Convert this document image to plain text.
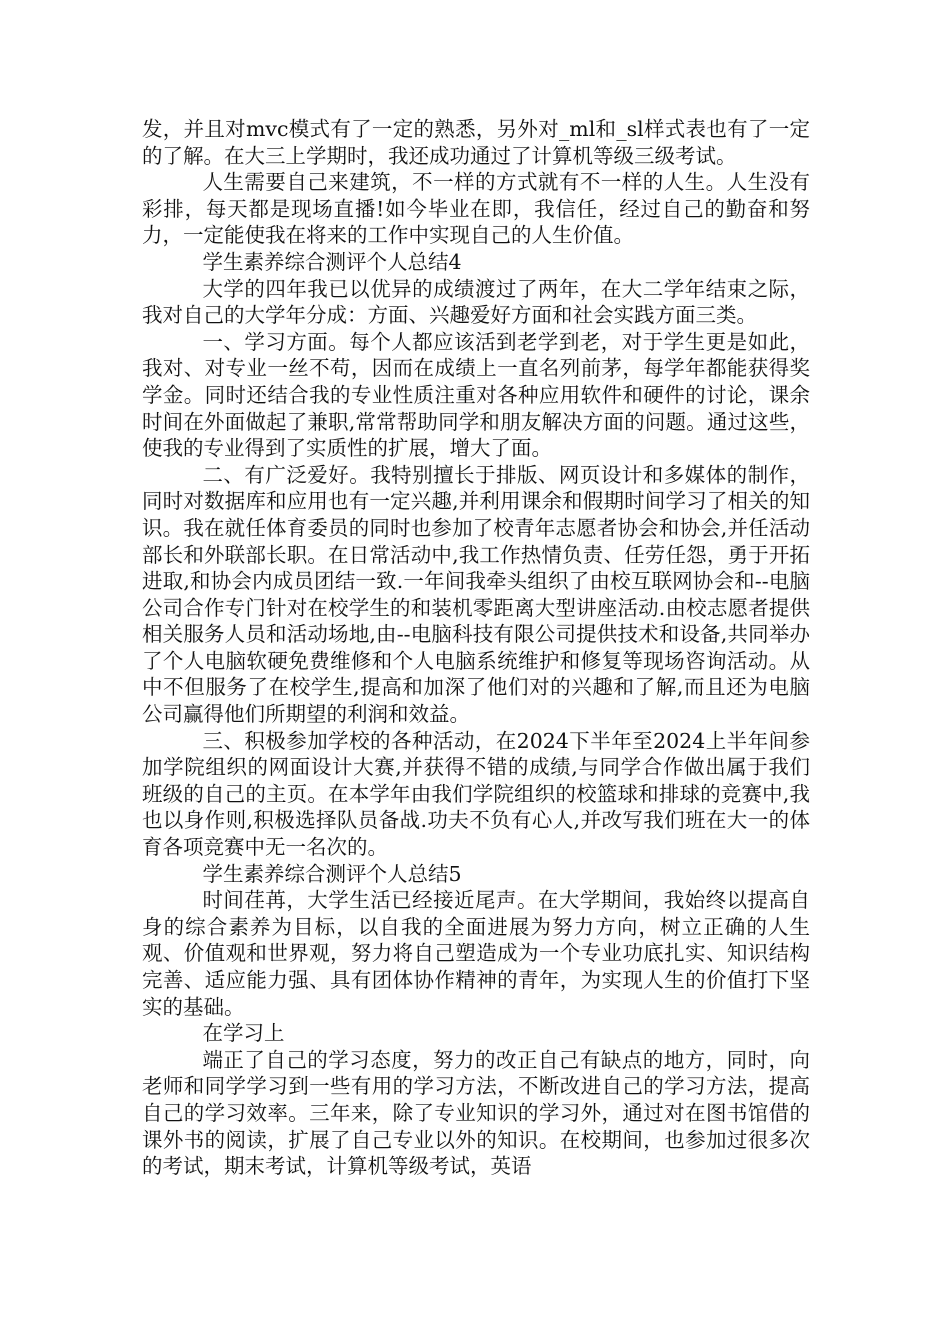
发，并且对mvc模式有了一定的熟悉，另外对_ml和_sl样式表也有了一定的了解。在大三上学期时，我还成功通过了计算机等级三级考试。

人生需要自己来建筑，不一样的方式就有不一样的人生。人生没有彩排，每天都是现场直播!如今毕业在即，我信任，经过自己的勤奋和努力，一定能使我在将来的工作中实现自己的人生价值。

学生素养综合测评个人总结4

大学的四年我已以优异的成绩渡过了两年，在大二学年结束之际，我对自己的大学年分成：方面、兴趣爱好方面和社会实践方面三类。

一、学习方面。每个人都应该活到老学到老，对于学生更是如此，我对、对专业一丝不苟，因而在成绩上一直名列前茅，每学年都能获得奖学金。同时还结合我的专业性质注重对各种应用软件和硬件的讨论，课余时间在外面做起了兼职,常常帮助同学和朋友解决方面的问题。通过这些，使我的专业得到了实质性的扩展，增大了面。

二、有广泛爱好。我特别擅长于排版、网页设计和多媒体的制作，同时对数据库和应用也有一定兴趣,并利用课余和假期时间学习了相关的知识。我在就任体育委员的同时也参加了校青年志愿者协会和协会,并任活动部长和外联部长职。在日常活动中,我工作热情负责、任劳任怨，勇于开拓进取,和协会内成员团结一致.一年间我牵头组织了由校互联网协会和--电脑公司合作专门针对在校学生的和装机零距离大型讲座活动.由校志愿者提供相关服务人员和活动场地,由--电脑科技有限公司提供技术和设备,共同举办了个人电脑软硬免费维修和个人电脑系统维护和修复等现场咨询活动。从中不但服务了在校学生,提高和加深了他们对的兴趣和了解,而且还为电脑公司赢得他们所期望的利润和效益。

三、积极参加学校的各种活动，在2024下半年至2024上半年间参加学院组织的网面设计大赛,并获得不错的成绩,与同学合作做出属于我们班级的自己的主页。在本学年由我们学院组织的校篮球和排球的竞赛中,我也以身作则,积极选择队员备战.功夫不负有心人,并改写我们班在大一的体育各项竞赛中无一名次的。

学生素养综合测评个人总结5

时间荏苒，大学生活已经接近尾声。在大学期间，我始终以提高自身的综合素养为目标，以自我的全面进展为努力方向，树立正确的人生观、价值观和世界观，努力将自己塑造成为一个专业功底扎实、知识结构完善、适应能力强、具有团体协作精神的青年，为实现人生的价值打下坚实的基础。

在学习上

端正了自己的学习态度，努力的改正自己有缺点的地方，同时，向老师和同学学习到一些有用的学习方法，不断改进自己的学习方法，提高自己的学习效率。三年来，除了专业知识的学习外，通过对在图书馆借的课外书的阅读，扩展了自己专业以外的知识。在校期间，也参加过很多次的考试，期末考试，计算机等级考试，英语
